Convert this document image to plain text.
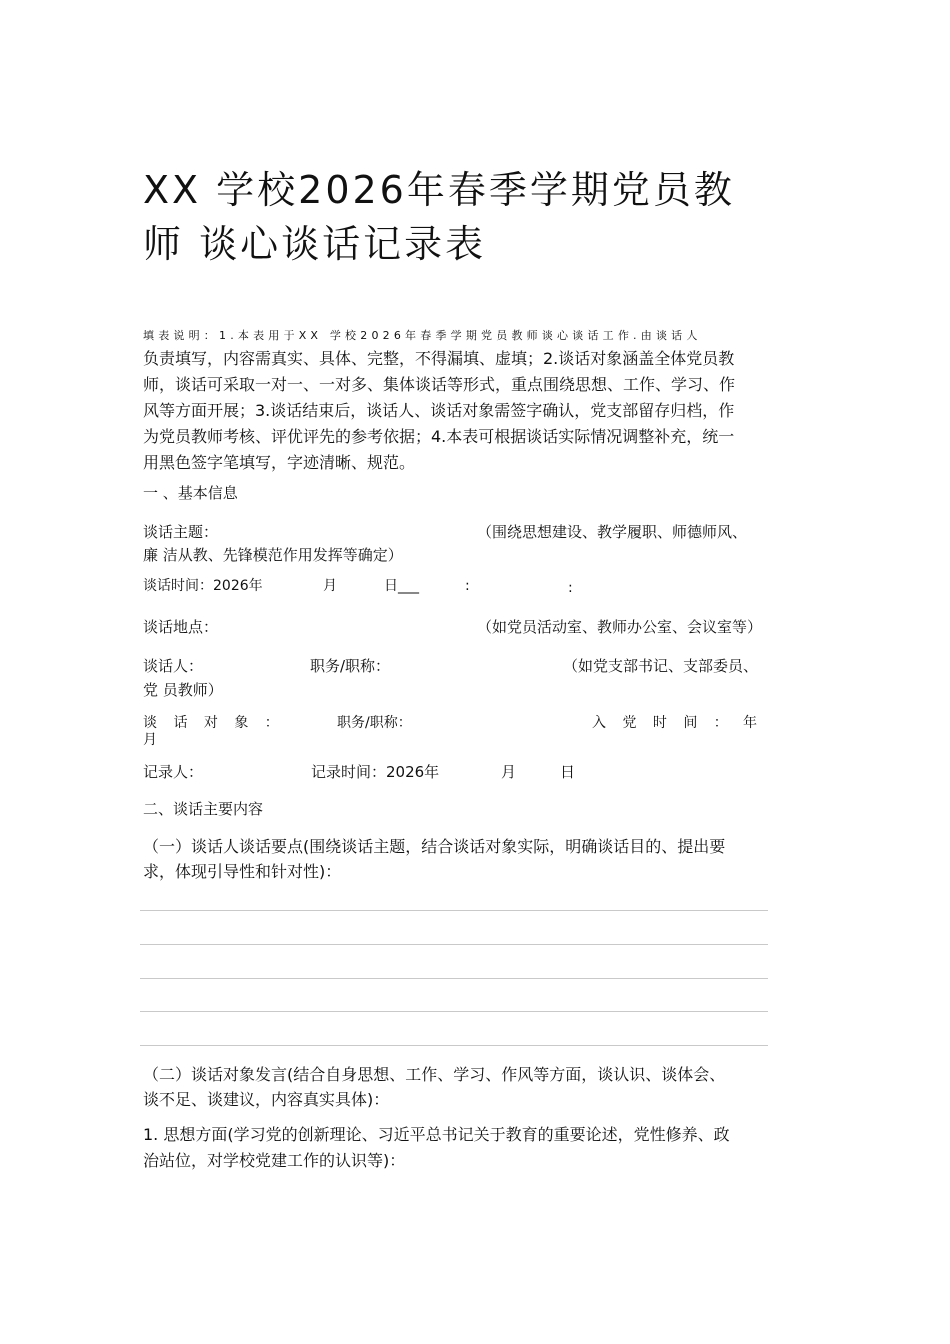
XX 学校2026年春季学期党员教
师 谈心谈话记录表
填表说明：1.本表用于XX 学校2026年春季学期党员教师谈心谈话工作.由谈话人
负责填写，内容需真实、具体、完整，不得漏填、虚填；2.谈话对象涵盖全体党员教
师，谈话可采取一对一、一对多、集体谈话等形式，重点围绕思想、工作、学习、作
风等方面开展；3.谈话结束后，谈话人、谈话对象需签字确认，党支部留存归档，作
为党员教师考核、评优评先的参考依据；4.本表可根据谈话实际情况调整补充，统一
用黑色签字笔填写，字迹清晰、规范。
一 、基本信息
谈话主题：	（围绕思想建设、教学履职、师德师风、
廉 洁从教、先锋模范作用发挥等确定）
谈话时间：2026年	月	日___	:	:
谈话地点：	（如党员活动室、教师办公室、会议室等）
谈话人：	职务/职称：	（如党支部书记、支部委员、
党 员教师）
谈 话 对 象 ：	职务/职称：	入 党 时 间 ： 年
月
记录人：	记录时间：2026年	月	日
二、谈话主要内容
（一）谈话人谈话要点(围绕谈话主题，结合谈话对象实际，明确谈话目的、提出要
求，体现引导性和针对性)：
（二）谈话对象发言(结合自身思想、工作、学习、作风等方面，谈认识、谈体会、
谈不足、谈建议，内容真实具体)：
1. 思想方面(学习党的创新理论、习近平总书记关于教育的重要论述，党性修养、政
治站位，对学校党建工作的认识等)：
